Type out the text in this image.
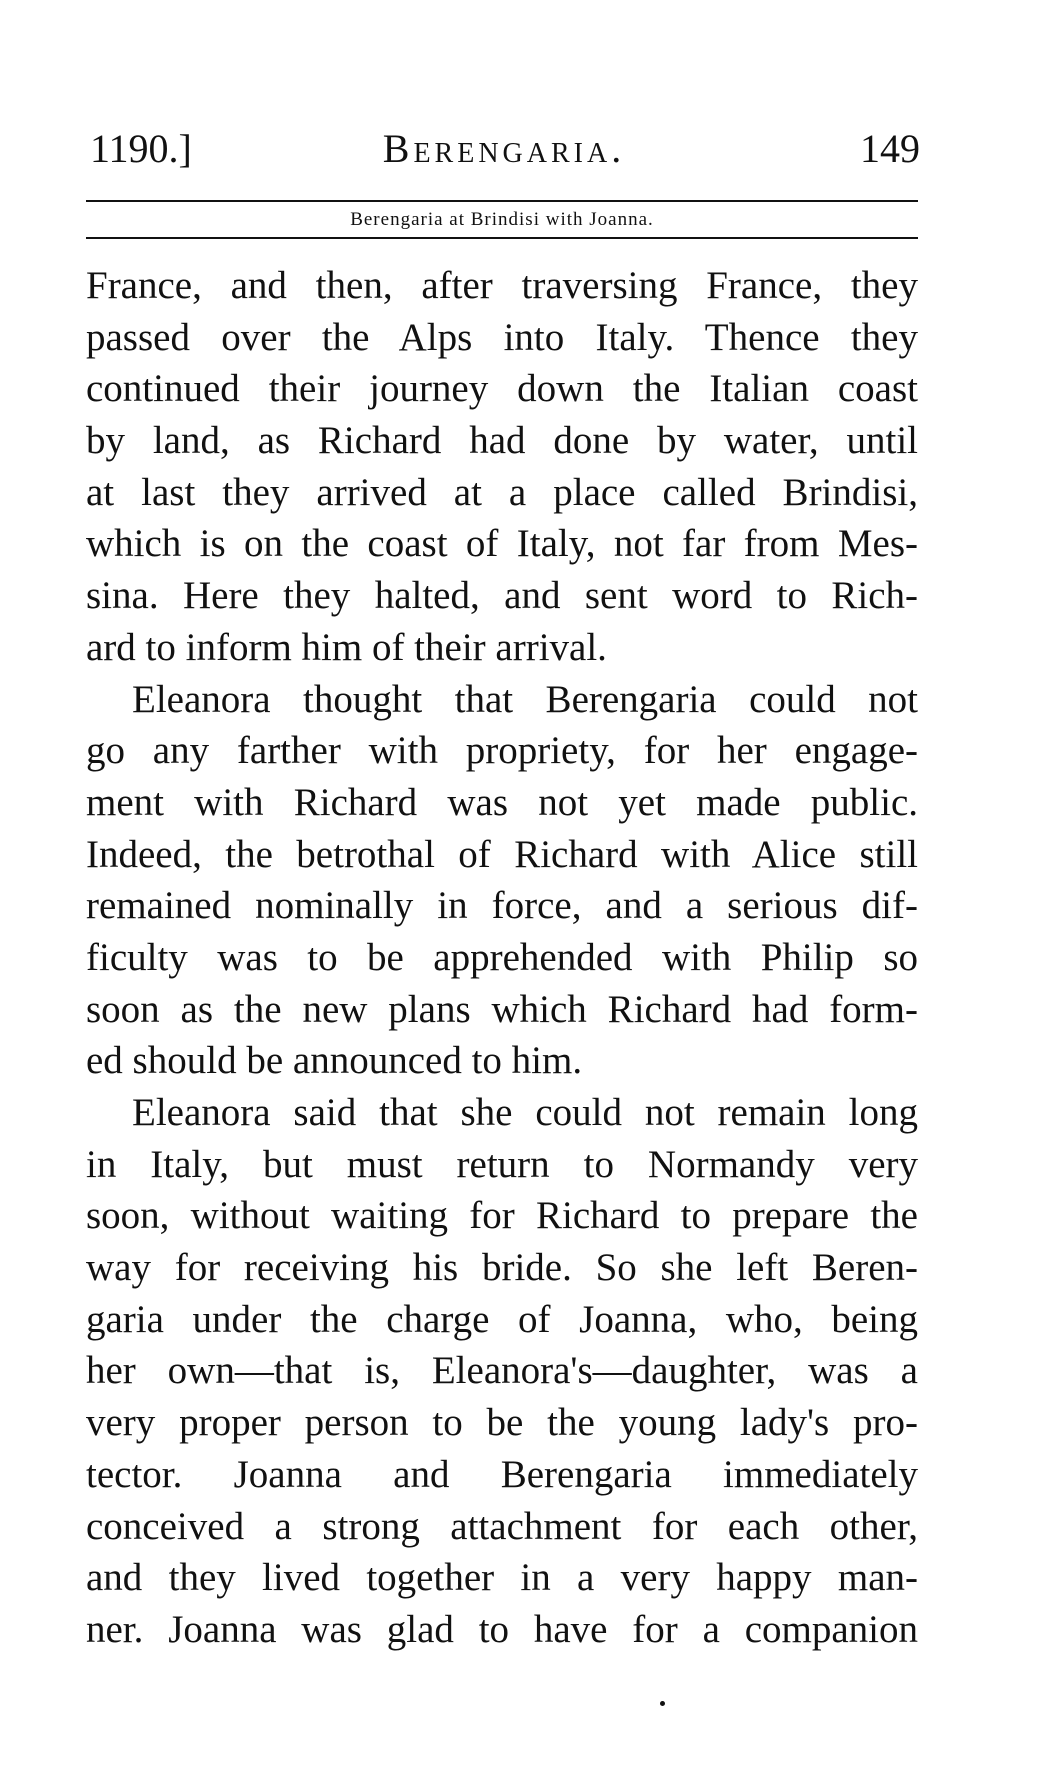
1190.]	Berengaria.	149
Berengaria at Brindisi with Joanna.
France, and then, after traversing France, they
passed over the Alps into Italy. Thence they
continued their journey down the Italian coast
by land, as Richard had done by water, until
at last they arrived at a place called Brindisi,
which is on the coast of Italy, not far from Mes-
sina. Here they halted, and sent word to Rich-
ard to inform him of their arrival.
Eleanora thought that Berengaria could not
go any farther with propriety, for her engage-
ment with Richard was not yet made public.
Indeed, the betrothal of Richard with Alice still
remained nominally in force, and a serious dif-
ficulty was to be apprehended with Philip so
soon as the new plans which Richard had form-
ed should be announced to him.
Eleanora said that she could not remain long
in Italy, but must return to Normandy very
soon, without waiting for Richard to prepare the
way for receiving his bride. So she left Beren-
garia under the charge of Joanna, who, being
her own—that is, Eleanora's—daughter, was a
very proper person to be the young lady's pro-
tector. Joanna and Berengaria immediately
conceived a strong attachment for each other,
and they lived together in a very happy man-
ner. Joanna was glad to have for a companion
